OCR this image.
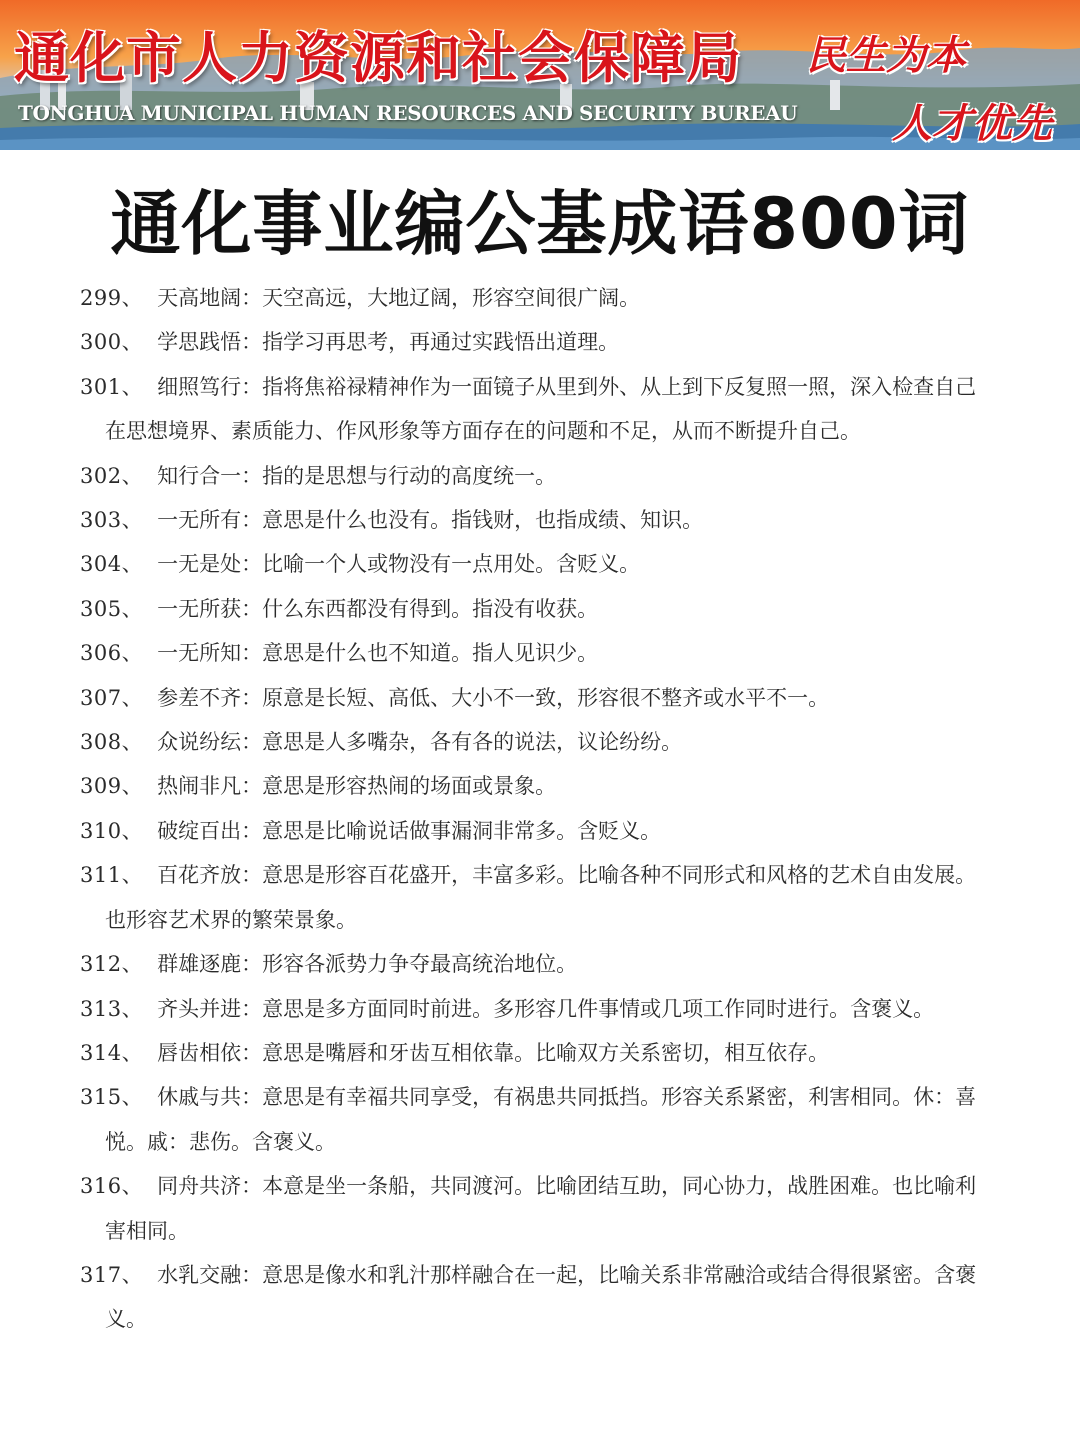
通化市人力资源和社会保障局
TONGHUA MUNICIPAL HUMAN RESOURCES AND SECURITY BUREAU
民生为本
人才优先
通化事业编公基成语800词
299、 天高地阔：天空高远，大地辽阔，形容空间很广阔。
300、 学思践悟：指学习再思考，再通过实践悟出道理。
301、 细照笃行：指将焦裕禄精神作为一面镜子从里到外、从上到下反复照一照，深入检查自己在思想境界、素质能力、作风形象等方面存在的问题和不足，从而不断提升自己。
302、 知行合一：指的是思想与行动的高度统一。
303、 一无所有：意思是什么也没有。指钱财，也指成绩、知识。
304、 一无是处：比喻一个人或物没有一点用处。含贬义。
305、 一无所获：什么东西都没有得到。指没有收获。
306、 一无所知：意思是什么也不知道。指人见识少。
307、 参差不齐：原意是长短、高低、大小不一致，形容很不整齐或水平不一。
308、 众说纷纭：意思是人多嘴杂，各有各的说法，议论纷纷。
309、 热闹非凡：意思是形容热闹的场面或景象。
310、 破绽百出：意思是比喻说话做事漏洞非常多。含贬义。
311、 百花齐放：意思是形容百花盛开，丰富多彩。比喻各种不同形式和风格的艺术自由发展。也形容艺术界的繁荣景象。
312、 群雄逐鹿：形容各派势力争夺最高统治地位。
313、 齐头并进：意思是多方面同时前进。多形容几件事情或几项工作同时进行。含褒义。
314、 唇齿相依：意思是嘴唇和牙齿互相依靠。比喻双方关系密切，相互依存。
315、 休戚与共：意思是有幸福共同享受，有祸患共同抵挡。形容关系紧密，利害相同。休：喜悦。戚：悲伤。含褒义。
316、 同舟共济：本意是坐一条船，共同渡河。比喻团结互助，同心协力，战胜困难。也比喻利害相同。
317、 水乳交融：意思是像水和乳汁那样融合在一起，比喻关系非常融洽或结合得很紧密。含褒义。
